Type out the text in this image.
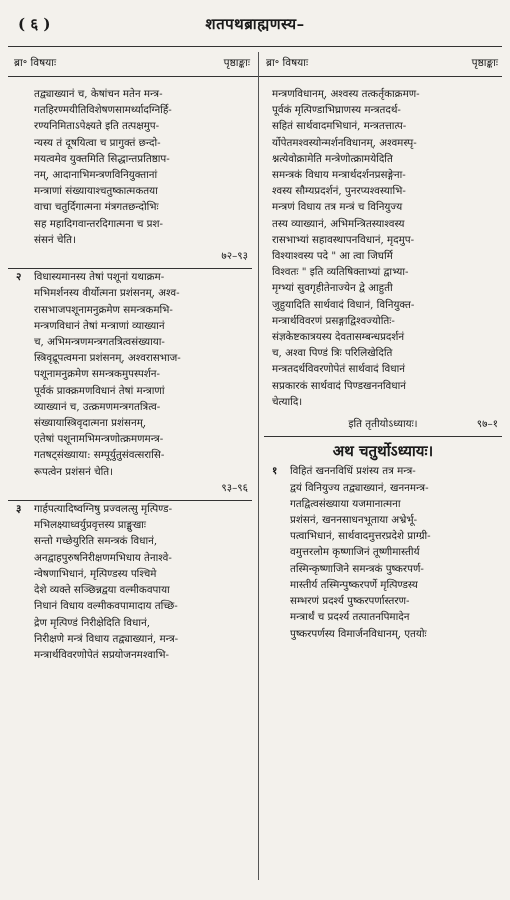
( ६ )	शतपथब्राह्मणस्य–
ब्रा॰ विषयाः	पृष्ठाङ्काः ब्रा॰ विषयाः	पृष्ठाङ्काः
तद्व्याख्यानं च, केषांचन मतेन मन्त्र-
गतहिरण्मयीतिविशेषणसामर्थ्यादग्निर्हि-
रण्यनिमिताऽपेक्ष्यते इति तत्पक्षमुप-
न्यस्य तं दूषयित्वा च प्रागुक्तं छन्दो-
मयत्वमेव युक्तमिति सिद्धान्तप्रतिष्ठाप-
नम्, आदानाभिमन्त्रणविनियुक्तानां
मन्त्राणां संख्यायाश्चतुष्कात्मकतया
वाचा चतुर्दिगात्मना मंत्रगतछन्दोभिः
सह महादिगवान्तरदिगात्मना च प्रश-
संसनं चेति।
७२–९३
२ विधास्यमानस्य तेषां पशूनां यथाक्रम-
मभिमर्शनस्य वीर्योत्मना प्रशंसनम्, अश्व-
रासभाजपशूनामनुक्रमेण समन्त्रकमभि-
मन्त्रणविधानं तेषां मन्त्राणां व्याख्यानं
च, अभिमन्त्रणमन्त्रगतत्रित्वसंख्याया-
स्त्रिवृद्रूपत्वमना प्रशंसनम्, अश्वरासभाज-
पशूनामनुक्रमेण समन्त्रकमुपस्पर्शन-
पूर्वकं प्राक्क्रमणविधानं तेषां मन्त्राणां
व्याख्यानं च, उत्क्रमणमन्त्रगतत्रित्व-
संख्यायास्त्रिवृदात्मना प्रशंसनम्,
एतेषां पशूनामभिमन्त्रणोत्क्रमणमन्त्र-
गतषट्संख्याया: सम्पूर्युतुसंवत्सरासि-
रूपत्वेन प्रशंसनं चेति।
९३–९६
३ गार्हपत्यादिष्वग्निषु प्रज्वलत्सु मृत्पिण्ड-
मभिलक्ष्याध्वर्युप्रवृत्तस्य प्राङ्मुखाः
सन्तो गच्छेयुरिति समन्त्रकं विधानं,
अनद्वाहपुरुषनिरीक्षणमभिधाय तेनाश्वे-
न्वेषणाभिधानं, मृत्पिण्डस्य पश्चिमे
देशे व्यक्ते सञ्छिन्नद्वया वल्मीकवपाया
निधानं विधाय वल्मीकवपामादाय तच्छि-
द्रेण मृत्पिण्डं निरीक्षेदिति विधानं,
निरीक्षणे मन्त्रं विधाय तद्व्याख्यानं, मन्त्र-
मन्त्रार्थविवरणोपेतं सप्रयोजनमश्वाभि-
मन्त्रणविधानम्, अश्वस्य तत्कर्तृकाक्रमण-
पूर्वकं मृत्पिण्डाभिघ्राणस्य मन्त्रतदर्थ-
सहितं सार्थवादमभिधानं, मन्त्रतत्तात्प-
र्योपेतमश्वस्योन्मर्शनविधानम्, अश्वमस्पृ-
श्नत्येवोक्रामेति मन्त्रेणोत्क्रामयेदिति
समन्त्रकं विधाय मन्त्रार्थदर्शनप्रसङ्गेना-
श्वस्य सौम्यप्रदर्शनं, पुनरप्यश्वस्याभि-
मन्त्रणं विधाय तत्र मन्त्रं च विनियुज्य
तस्य व्याख्यानं, अभिमन्त्रितस्याश्वस्य
रासभाभ्यां सहावस्थापनविधानं, मृदमुप-
विश्याश्वस्य पदे " आ त्वा जिघर्मि
विश्वतः " इति व्यतिषिक्ताभ्यां द्वाभ्या-
मृग्भ्यां सुवगृहीतेनाज्येन द्वे आहुती
जुहुयादिति सार्थवादं विधानं, विनियुक्त-
मन्त्रार्थविवरणं प्रसङ्गाद्विश्वज्योतिः-
संज्ञकेष्टकात्रयस्य देवतासम्बन्धप्रदर्शनं
च, अश्वा पिण्डं त्रिः परिलिखेदिति
मन्त्रतदर्थविवरणोपेतं सार्थवादं विधानं
सप्रकारकं सार्थवादं पिण्डखननविधानं
चेत्यादि।
इति तृतीयोऽध्यायः।	९७–१
अथ चतुर्थोऽध्यायः।
१ विहितं खननविधिं प्रशंस्य तत्र मन्त्र-
द्वयं विनियुज्य तद्व्याख्यानं, खननमन्त्र-
गतद्वित्वसंख्याया यजमानात्मना
प्रशंसनं, खननसाधनभूताया अभ्रेर्भू-
पत्वाभिधानं, सार्थवादमुत्तरप्रदेशे प्राग्ग्री-
वमुत्तरलोम कृष्णाजिनं तूष्णीमास्तीर्य
तस्मिन्कृष्णाजिने समन्त्रकं पुष्करपर्ण-
मास्तीर्य तस्मिन्पुष्करपर्णे मृत्पिण्डस्य
सम्भरणं प्रदर्श्य पुष्करपर्णास्तरण-
मन्त्रार्थं च प्रदर्श्य तत्पातनपिमादेन
पुष्करपर्णस्य विमार्जनविधानम्, एतयोः
